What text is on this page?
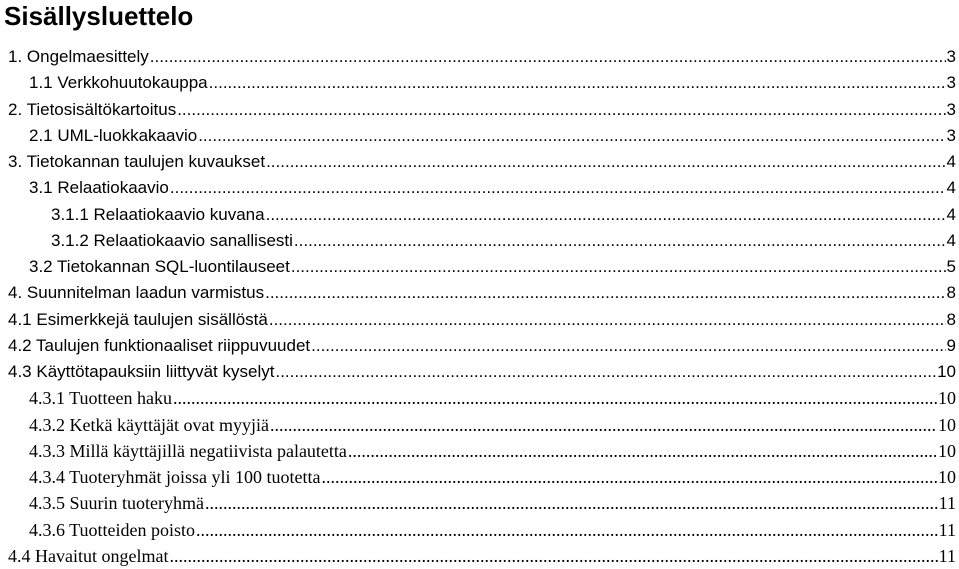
Sisällysluettelo
1. Ongelmaesittely .....	3
1.1 Verkkohuutokauppa .....	3
2. Tietosisältökartoitus .....	3
2.1 UML-luokkakaavio .....	3
3. Tietokannan taulujen kuvaukset .....	4
3.1 Relaatiokaavio .....	4
3.1.1 Relaatiokaavio kuvana .....	4
3.1.2 Relaatiokaavio sanallisesti .....	4
3.2 Tietokannan SQL-luontilauseet .....	5
4. Suunnitelman laadun varmistus .....	8
4.1 Esimerkkejä taulujen sisällöstä .....	8
4.2 Taulujen funktionaaliset riippuvuudet .....	9
4.3 Käyttötapauksiin liittyvät kyselyt .....	10
4.3.1 Tuotteen haku .....	10
4.3.2 Ketkä käyttäjät ovat myyjiä .....	10
4.3.3 Millä käyttäjillä negatiivista palautetta .....	10
4.3.4 Tuoteryhmät joissa yli 100 tuotetta .....	10
4.3.5 Suurin tuoteryhmä .....	11
4.3.6 Tuotteiden poisto .....	11
4.4 Havaitut ongelmat .....	11
